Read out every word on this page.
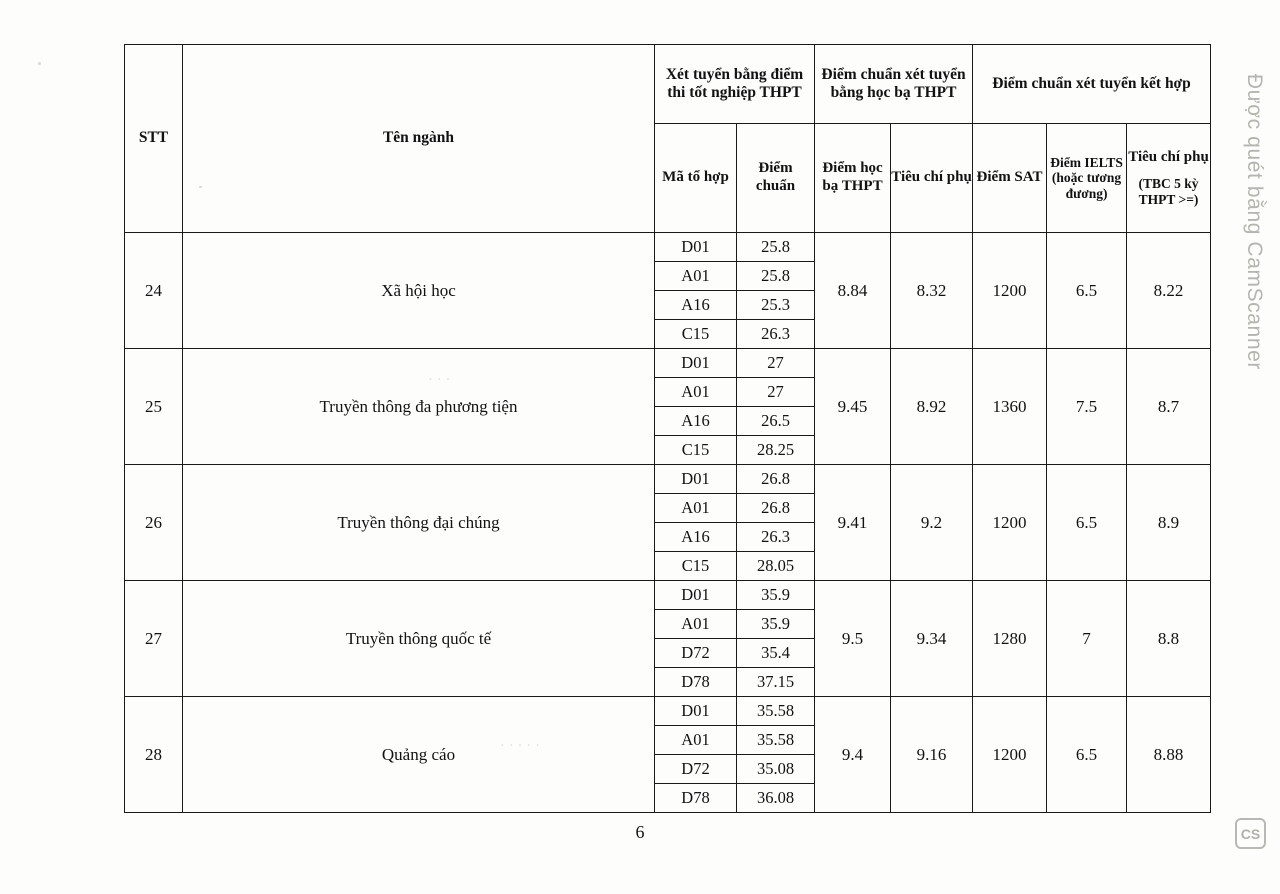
· · ·
· · · · ·
STT	Tên ngành	Xét tuyển bằng điểm thi tốt nghiệp THPT		Điểm chuẩn xét tuyển bằng học bạ THPT		Điểm chuẩn xét tuyển kết hợp		
		Mã tổ hợp	Điểm chuẩn	Điểm học bạ THPT	Tiêu chí phụ	Điểm SAT	Điểm IELTS (hoặc tương đương)	Tiêu chí phụ
(TBC 5 kỳ THPT >=)

24	Xã hội học	D01	25.8	8.84	8.32	1200	6.5	8.22
		A01	25.8					
		A16	25.3					
		C15	26.3					
25	Truyền thông đa phương tiện	D01	27	9.45	8.92	1360	7.5	8.7
		A01	27					
		A16	26.5					
		C15	28.25					
26	Truyền thông đại chúng	D01	26.8	9.41	9.2	1200	6.5	8.9
		A01	26.8					
		A16	26.3					
		C15	28.05					
27	Truyền thông quốc tế	D01	35.9	9.5	9.34	1280	7	8.8
		A01	35.9					
		D72	35.4					
		D78	37.15					
28	Quảng cáo	D01	35.58	9.4	9.16	1200	6.5	8.88
		A01	35.58					
		D72	35.08					
		D78	36.08					
6
Được quét bằng CamScanner
CS
